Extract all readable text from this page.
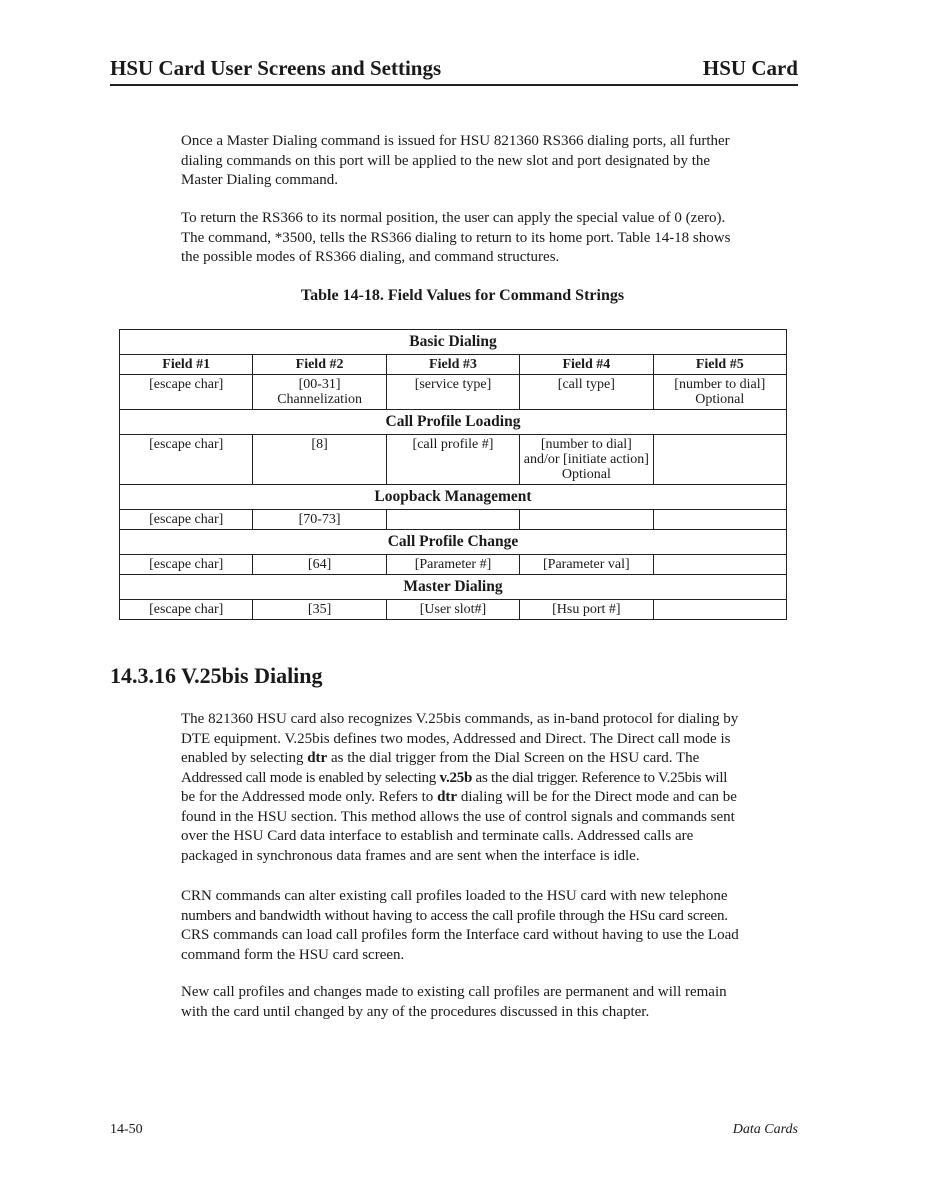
HSU Card User Screens and Settings	HSU Card
Once a Master Dialing command is issued for HSU 821360 RS366 dialing ports, all further
dialing commands on this port will be applied to the new slot and port designated by the
Master Dialing command.
To return the RS366 to its normal position, the user can apply the special value of 0 (zero).
The command, *3500, tells the RS366 dialing to return to its home port. Table 14-18 shows
the possible modes of RS366 dialing, and command structures.
Table 14-18. Field Values for Command Strings
Basic Dialing				
Field #1	Field #2	Field #3	Field #4	Field #5
[escape char]	[00-31] Channelization	[service type]	[call type]	[number to dial] Optional
Call Profile Loading				
[escape char]	[8]	[call profile #]	[number to dial] and/or [initiate action] Optional	
Loopback Management				
[escape char]	[70-73]			
Call Profile Change				
[escape char]	[64]	[Parameter #]	[Parameter val]	
Master Dialing				
[escape char]	[35]	[User slot#]	[Hsu port #]	
14.3.16 V.25bis Dialing
The 821360 HSU card also recognizes V.25bis commands, as in-band protocol for dialing by
DTE equipment. V.25bis defines two modes, Addressed and Direct. The Direct call mode is
enabled by selecting dtr as the dial trigger from the Dial Screen on the HSU card. The
Addressed call mode is enabled by selecting v.25b as the dial trigger. Reference to V.25bis will
be for the Addressed mode only. Refers to dtr dialing will be for the Direct mode and can be
found in the HSU section. This method allows the use of control signals and commands sent
over the HSU Card data interface to establish and terminate calls. Addressed calls are
packaged in synchronous data frames and are sent when the interface is idle.
CRN commands can alter existing call profiles loaded to the HSU card with new telephone
numbers and bandwidth without having to access the call profile through the HSu card screen.
CRS commands can load call profiles form the Interface card without having to use the Load
command form the HSU card screen.
New call profiles and changes made to existing call profiles are permanent and will remain
with the card until changed by any of the procedures discussed in this chapter.
14-50	Data Cards
